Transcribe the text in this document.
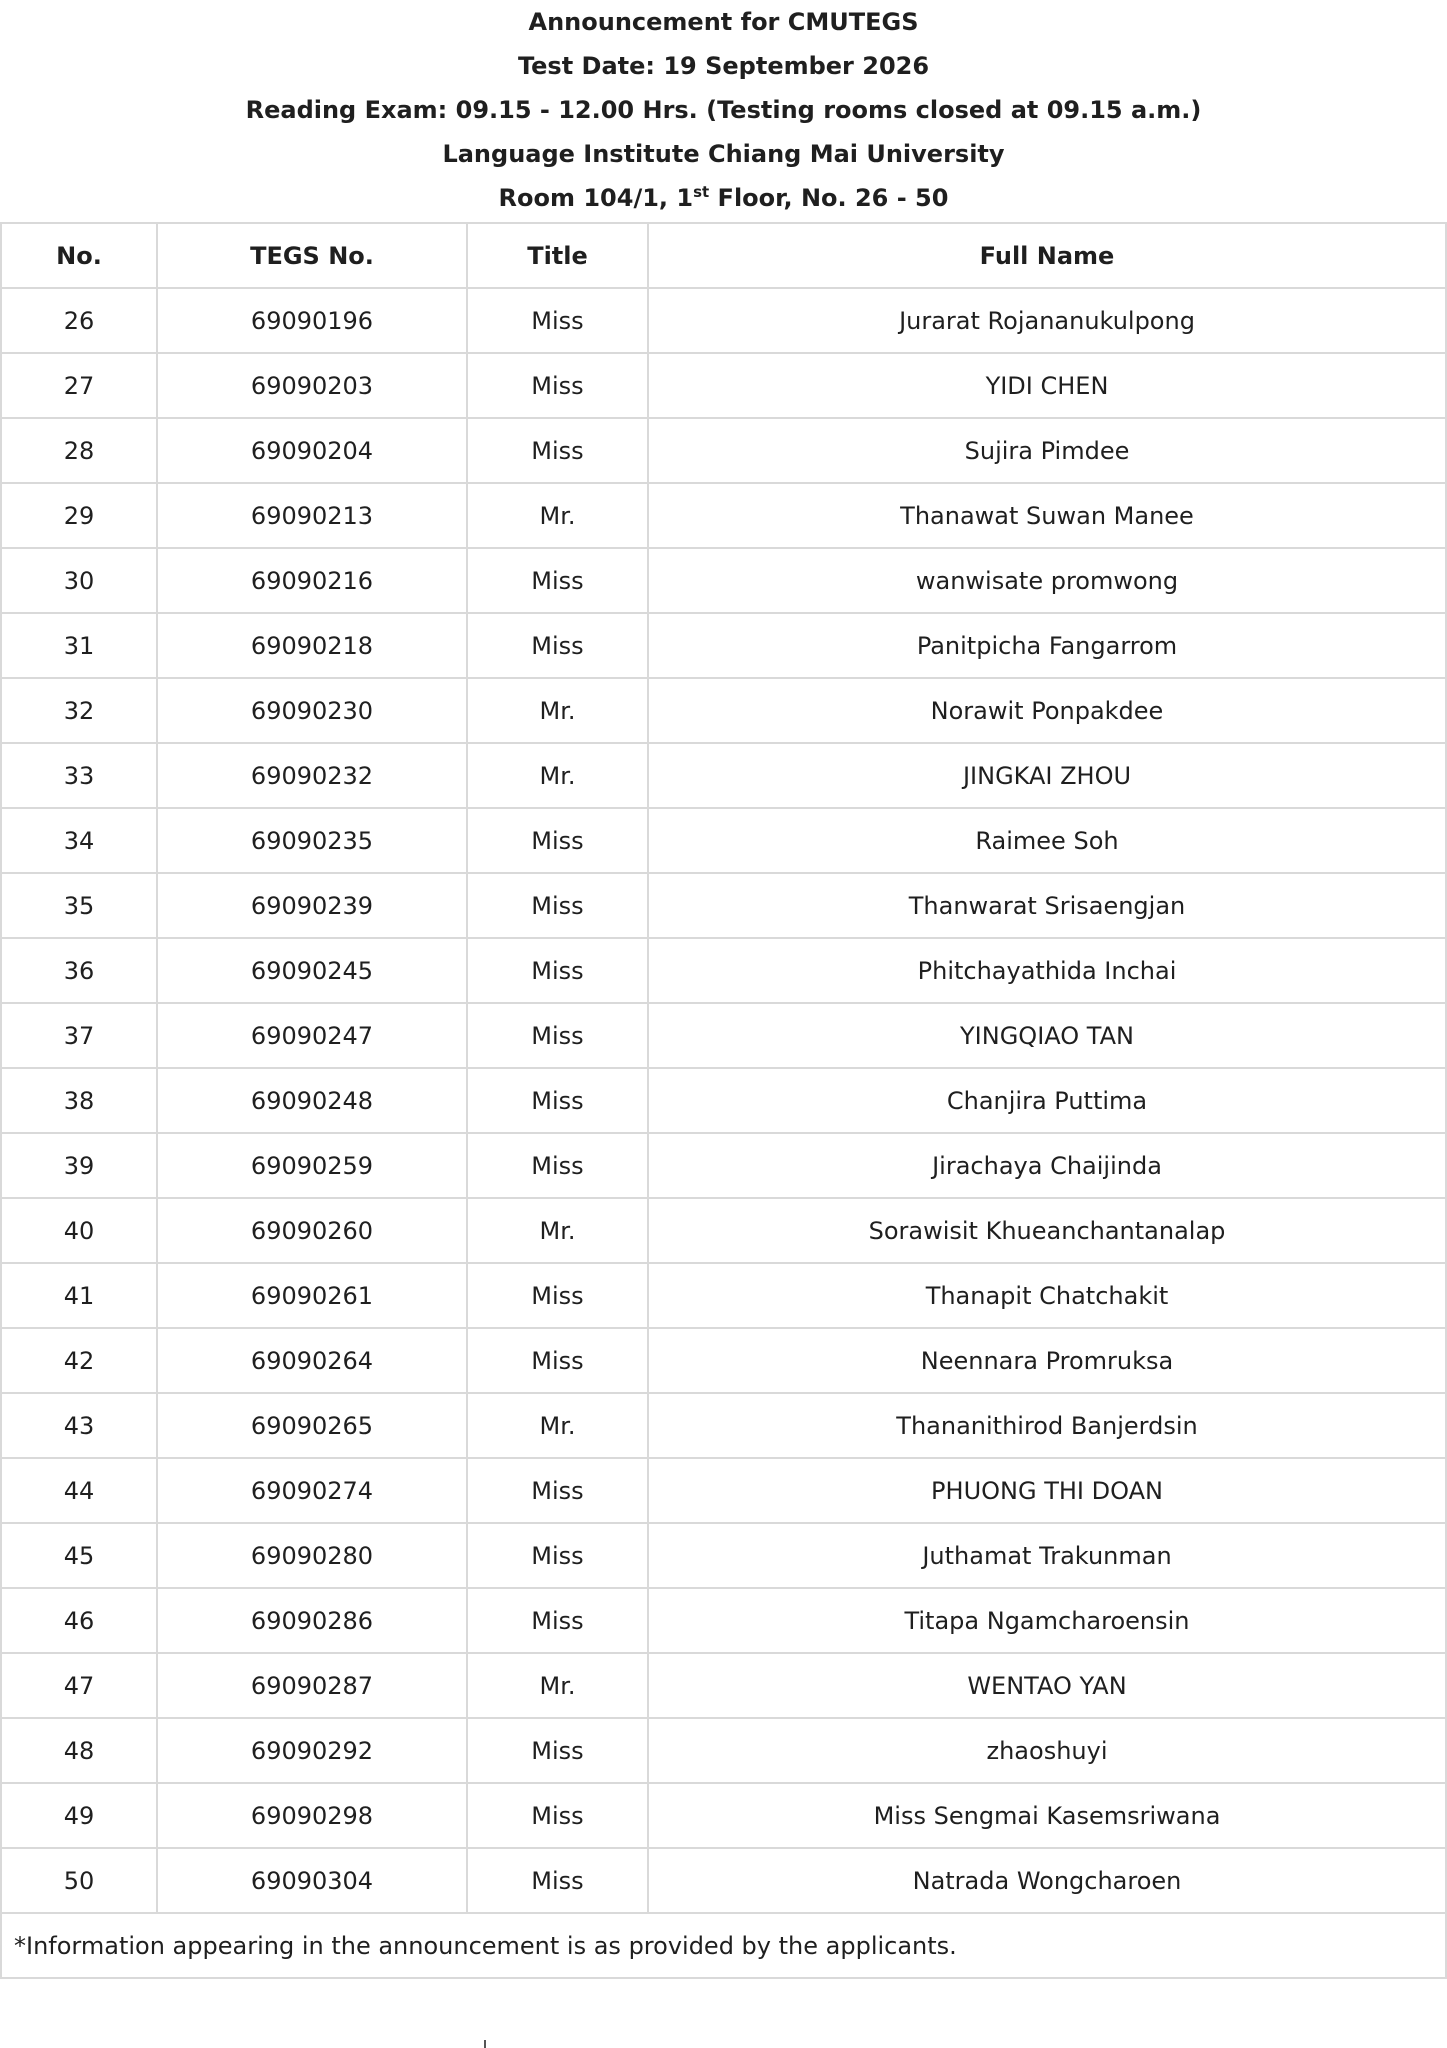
Announcement for CMUTEGS
Test Date: 19 September 2026
Reading Exam: 09.15 - 12.00 Hrs. (Testing rooms closed at 09.15 a.m.)
Language Institute Chiang Mai University
Room 104/1, 1st Floor, No. 26 - 50
No.	TEGS No.	Title	Full Name
26	69090196	Miss	Jurarat Rojananukulpong
27	69090203	Miss	YIDI CHEN
28	69090204	Miss	Sujira Pimdee
29	69090213	Mr.	Thanawat Suwan Manee
30	69090216	Miss	wanwisate promwong
31	69090218	Miss	Panitpicha Fangarrom
32	69090230	Mr.	Norawit Ponpakdee
33	69090232	Mr.	JINGKAI ZHOU
34	69090235	Miss	Raimee Soh
35	69090239	Miss	Thanwarat Srisaengjan
36	69090245	Miss	Phitchayathida Inchai
37	69090247	Miss	YINGQIAO TAN
38	69090248	Miss	Chanjira Puttima
39	69090259	Miss	Jirachaya Chaijinda
40	69090260	Mr.	Sorawisit Khueanchantanalap
41	69090261	Miss	Thanapit Chatchakit
42	69090264	Miss	Neennara Promruksa
43	69090265	Mr.	Thananithirod Banjerdsin
44	69090274	Miss	PHUONG THI DOAN
45	69090280	Miss	Juthamat Trakunman
46	69090286	Miss	Titapa Ngamcharoensin
47	69090287	Mr.	WENTAO YAN
48	69090292	Miss	zhaoshuyi
49	69090298	Miss	Miss Sengmai Kasemsriwana
50	69090304	Miss	Natrada Wongcharoen
*Information appearing in the announcement is as provided by the applicants.			
